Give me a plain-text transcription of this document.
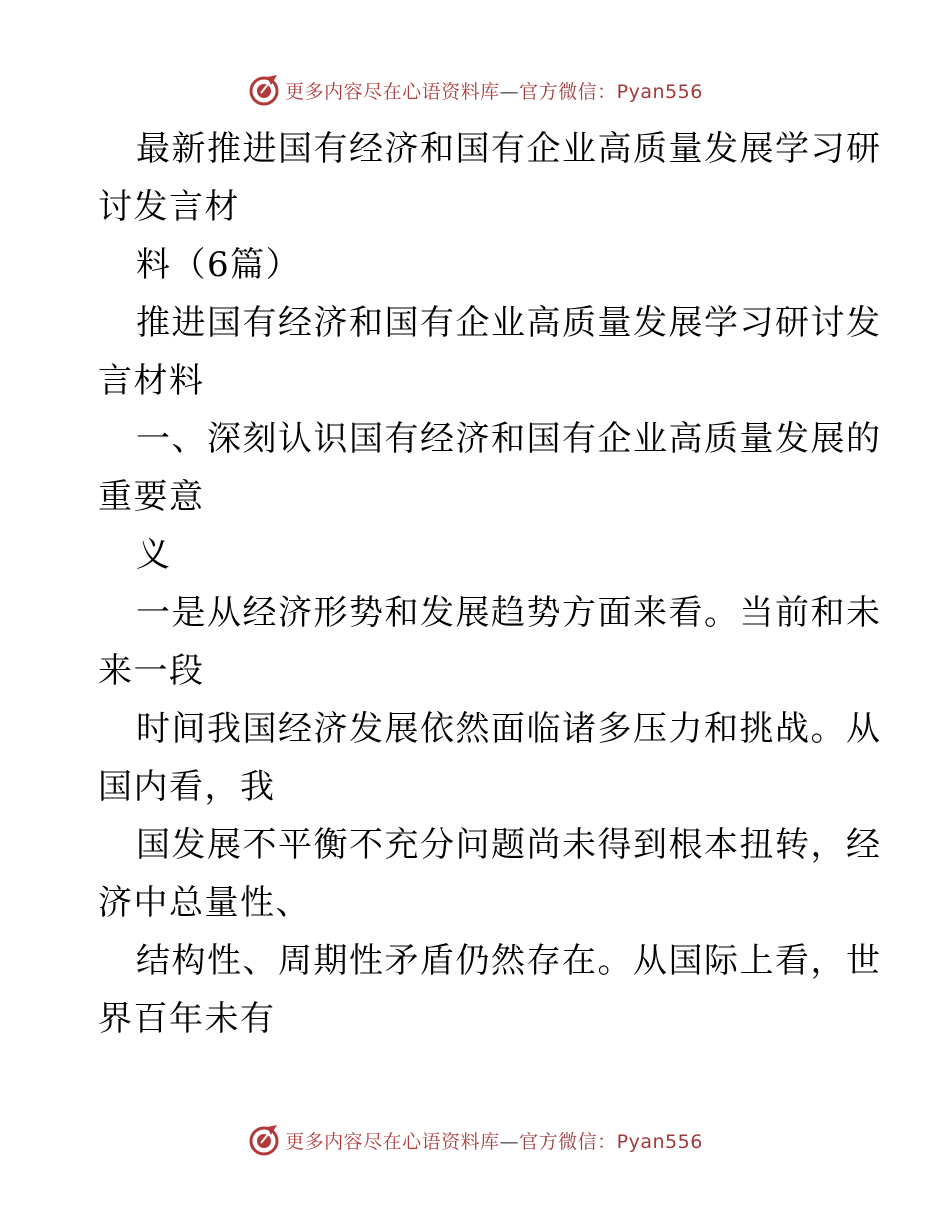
更多内容尽在心语资料库—官方微信：Pyan556
最新推进国有经济和国有企业高质量发展学习研
讨发言材
料（6篇）
推进国有经济和国有企业高质量发展学习研讨发
言材料
一、深刻认识国有经济和国有企业高质量发展的
重要意
义
一是从经济形势和发展趋势方面来看。当前和未
来一段
时间我国经济发展依然面临诸多压力和挑战。从
国内看，我
国发展不平衡不充分问题尚未得到根本扭转，经
济中总量性、
结构性、周期性矛盾仍然存在。从国际上看，世
界百年未有
更多内容尽在心语资料库—官方微信：Pyan556
